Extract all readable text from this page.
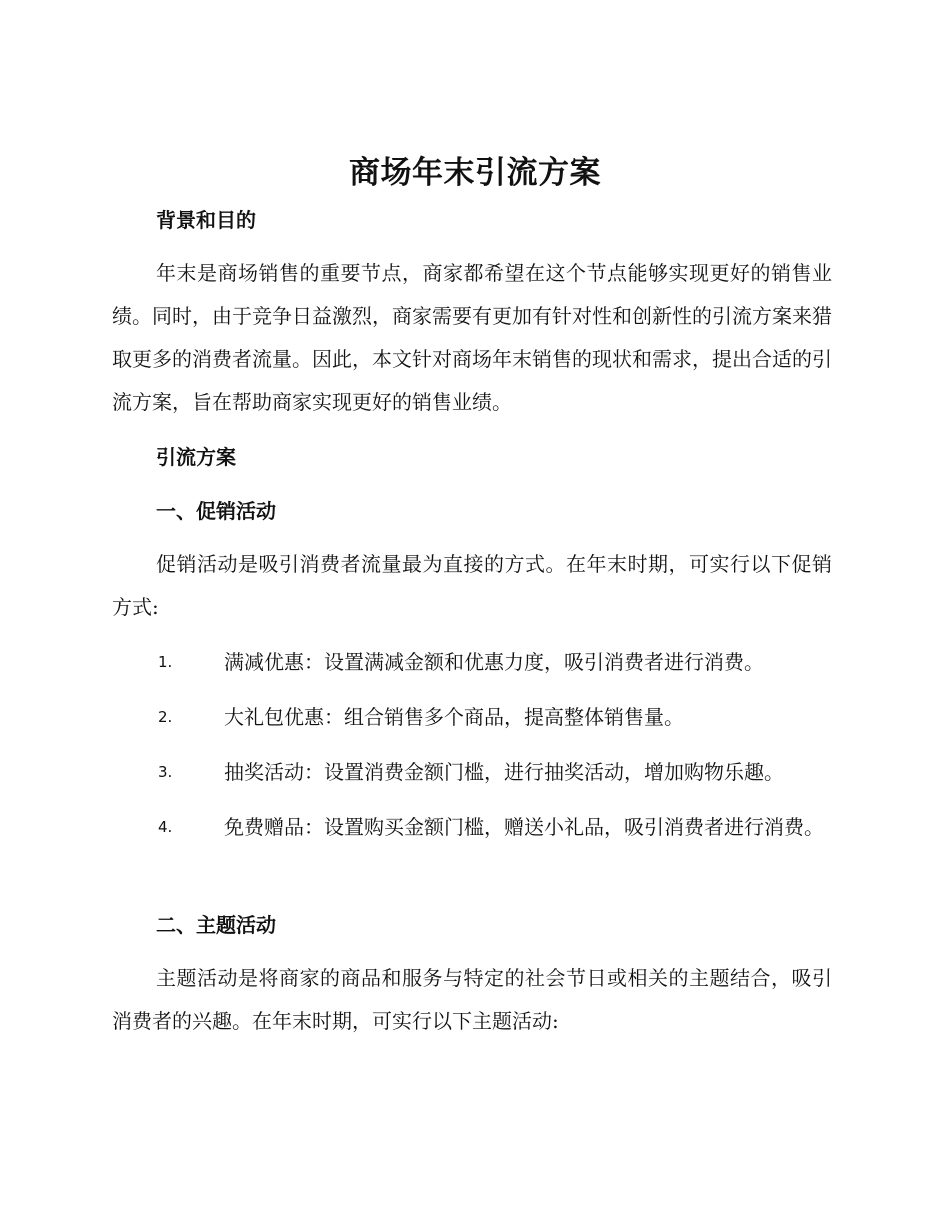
商场年末引流方案
背景和目的

年末是商场销售的重要节点，商家都希望在这个节点能够实现更好的销售业绩。同时，由于竞争日益激烈，商家需要有更加有针对性和创新性的引流方案来猎取更多的消费者流量。因此，本文针对商场年末销售的现状和需求，提出合适的引流方案，旨在帮助商家实现更好的销售业绩。

引流方案
一、促销活动

促销活动是吸引消费者流量最为直接的方式。在年末时期，可实行以下促销方式:

1.	满减优惠：设置满减金额和优惠力度，吸引消费者进行消费。
2.	大礼包优惠：组合销售多个商品，提高整体销售量。
3.	抽奖活动：设置消费金额门槛，进行抽奖活动，增加购物乐趣。
4.	免费赠品：设置购买金额门槛，赠送小礼品，吸引消费者进行消费。
二、主题活动

主题活动是将商家的商品和服务与特定的社会节日或相关的主题结合，吸引消费者的兴趣。在年末时期，可实行以下主题活动:
